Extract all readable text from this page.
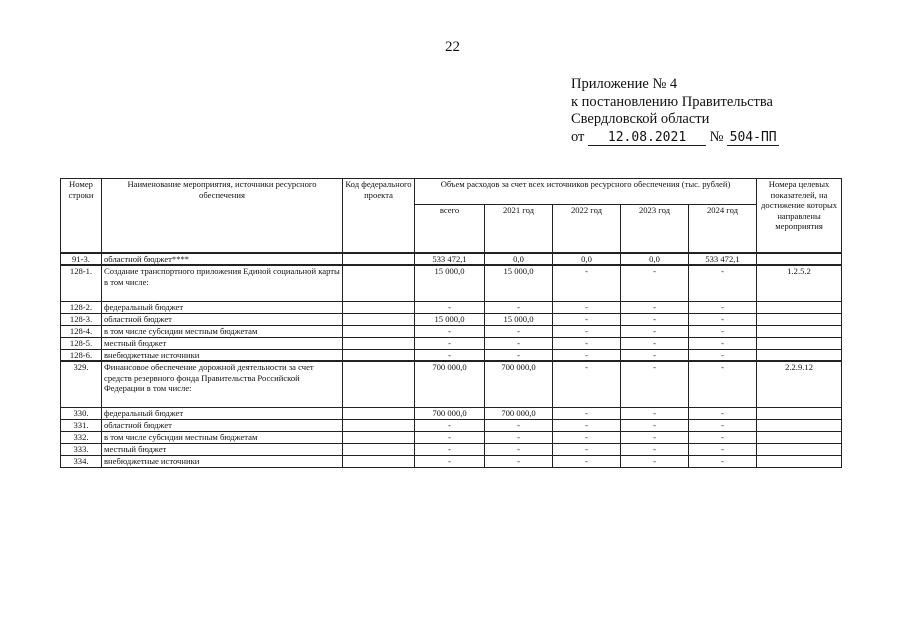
22
Приложение № 4
к постановлению Правительства
Свердловской области
от 12.08.2021 № 504-ПП
Номер строки	Наименование мероприятия, источники ресурсного обеспечения	Код федерального проекта	Объем расходов за счет всех источников ресурсного обеспечения (тыс. рублей)					Номера целевых показателей, на достижение которых направлены мероприятия
			всего	2021 год	2022 год	2023 год	2024 год	
91-3.	областной бюджет****		533 472,1	0,0	0,0	0,0	533 472,1	
128-1.	Создание транспортного приложения Единой социальной карты в том числе:		15 000,0	15 000,0	-	-	-	1.2.5.2
128-2.	федеральный бюджет		-	-	-	-	-	
128-3.	областной бюджет		15 000,0	15 000,0	-	-	-	
128-4.	в том числе субсидии местным бюджетам		-	-	-	-	-	
128-5.	местный бюджет		-	-	-	-	-	
128-6.	внебюджетные источники		-	-	-	-	-	
329.	Финансовое обеспечение дорожной деятельности за счет средств резервного фонда Правительства Российской Федерации в том числе:		700 000,0	700 000,0	-	-	-	2.2.9.12
330.	федеральный бюджет		700 000,0	700 000,0	-	-	-	
331.	областной бюджет		-	-	-	-	-	
332.	в том числе субсидии местным бюджетам		-	-	-	-	-	
333.	местный бюджет		-	-	-	-	-	
334.	внебюджетные источники		-	-	-	-	-	
